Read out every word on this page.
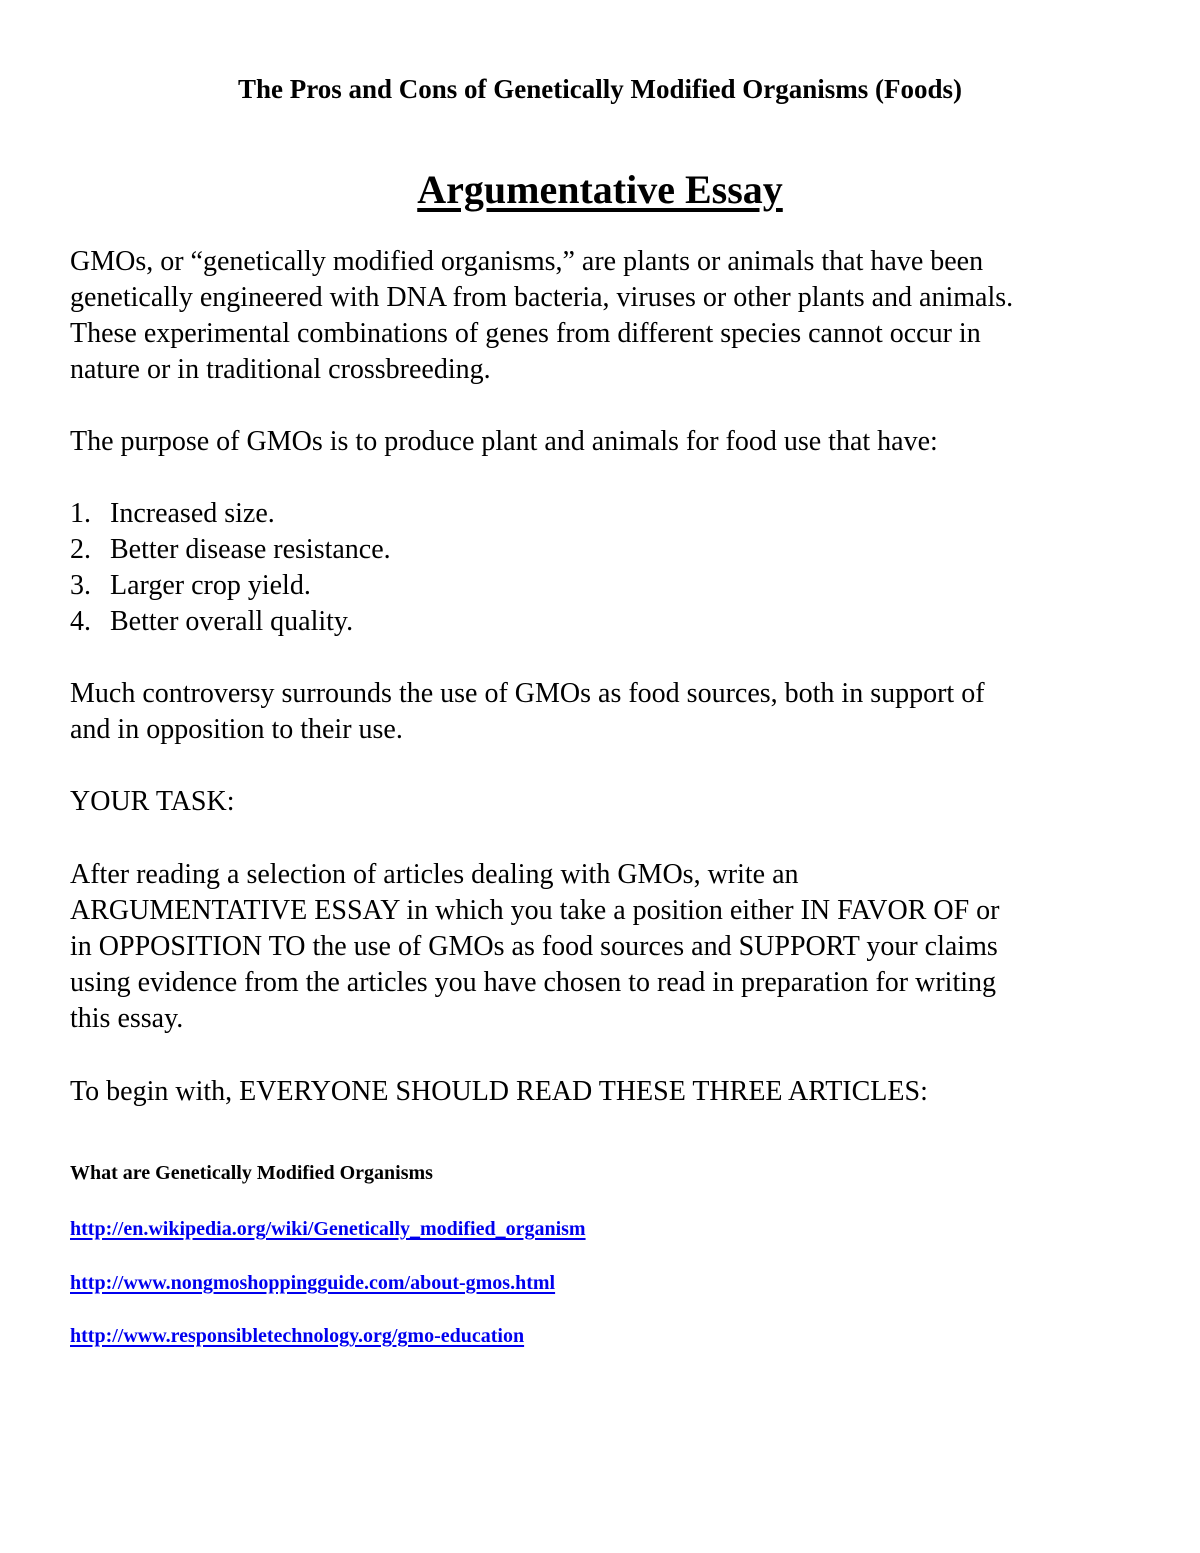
The Pros and Cons of Genetically Modified Organisms (Foods)

Argumentative Essay

GMOs, or “genetically modified organisms,” are plants or animals that have been
genetically engineered with DNA from bacteria, viruses or other plants and animals.
These experimental combinations of genes from different species cannot occur in
nature or in traditional crossbreeding.
The purpose of GMOs is to produce plant and animals for food use that have:
1. Increased size.
2. Better disease resistance.
3. Larger crop yield.
4. Better overall quality.
Much controversy surrounds the use of GMOs as food sources, both in support of
and in opposition to their use.
YOUR TASK:
After reading a selection of articles dealing with GMOs, write an
ARGUMENTATIVE ESSAY in which you take a position either IN FAVOR OF or
in OPPOSITION TO the use of GMOs as food sources and SUPPORT your claims
using evidence from the articles you have chosen to read in preparation for writing
this essay.
To begin with, EVERYONE SHOULD READ THESE THREE ARTICLES:

What are Genetically Modified Organisms

http://en.wikipedia.org/wiki/Genetically_modified_organism
http://www.nongmoshoppingguide.com/about-gmos.html
http://www.responsibletechnology.org/gmo-education
